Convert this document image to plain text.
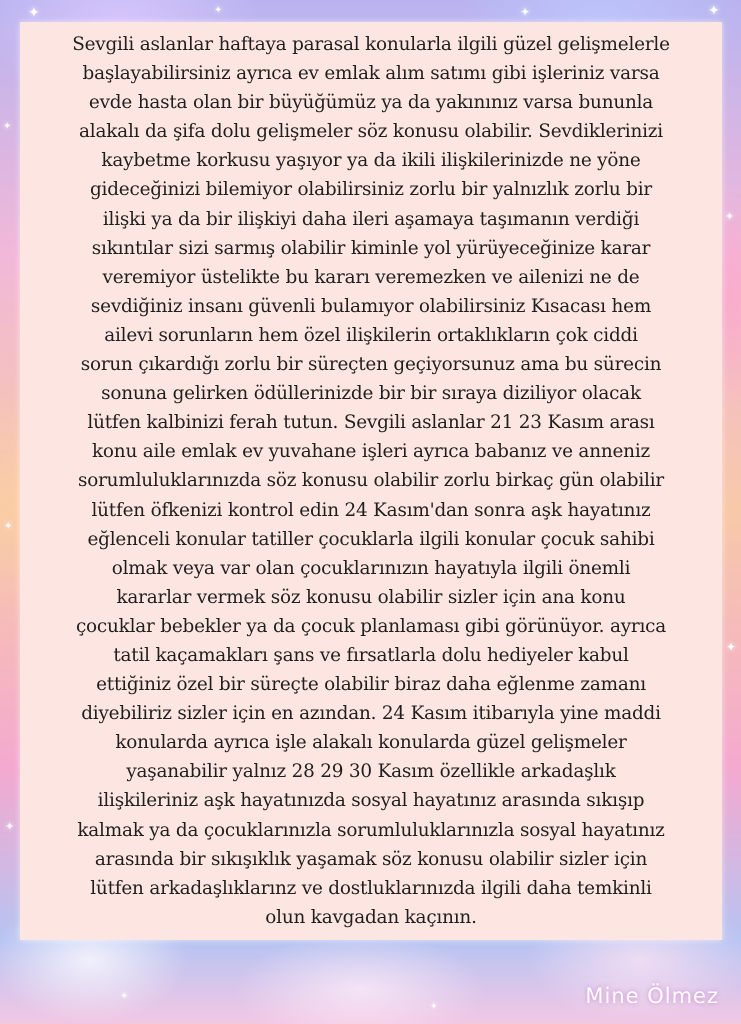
✦	✦	✦	✦
✦
✦
✦
✦
✦
✦
✦

Sevgili aslanlar haftaya parasal konularla ilgili güzel gelişmelerle
başlayabilirsiniz ayrıca ev emlak alım satımı gibi işleriniz varsa
evde hasta olan bir büyüğümüz ya da yakınınız varsa bununla
alakalı da şifa dolu gelişmeler söz konusu olabilir. Sevdiklerinizi
kaybetme korkusu yaşıyor ya da ikili ilişkilerinizde ne yöne
gideceğinizi bilemiyor olabilirsiniz zorlu bir yalnızlık zorlu bir
ilişki ya da bir ilişkiyi daha ileri aşamaya taşımanın verdiği
sıkıntılar sizi sarmış olabilir kiminle yol yürüyeceğinize karar
veremiyor üstelikte bu kararı veremezken ve ailenizi ne de
sevdiğiniz insanı güvenli bulamıyor olabilirsiniz Kısacası hem
ailevi sorunların hem özel ilişkilerin ortaklıkların çok ciddi
sorun çıkardığı zorlu bir süreçten geçiyorsunuz ama bu sürecin
sonuna gelirken ödüllerinizde bir bir sıraya diziliyor olacak
lütfen kalbinizi ferah tutun. Sevgili aslanlar 21 23 Kasım arası
konu aile emlak ev yuvahane işleri ayrıca babanız ve anneniz
sorumluluklarınızda söz konusu olabilir zorlu birkaç gün olabilir
lütfen öfkenizi kontrol edin 24 Kasım'dan sonra aşk hayatınız
eğlenceli konular tatiller çocuklarla ilgili konular çocuk sahibi
olmak veya var olan çocuklarınızın hayatıyla ilgili önemli
kararlar vermek söz konusu olabilir sizler için ana konu
çocuklar bebekler ya da çocuk planlaması gibi görünüyor. ayrıca
tatil kaçamakları şans ve fırsatlarla dolu hediyeler kabul
ettiğiniz özel bir süreçte olabilir biraz daha eğlenme zamanı
diyebiliriz sizler için en azından. 24 Kasım itibarıyla yine maddi
konularda ayrıca işle alakalı konularda güzel gelişmeler
yaşanabilir yalnız 28 29 30 Kasım özellikle arkadaşlık
ilişkileriniz aşk hayatınızda sosyal hayatınız arasında sıkışıp
kalmak ya da çocuklarınızla sorumluluklarınızla sosyal hayatınız
arasında bir sıkışıklık yaşamak söz konusu olabilir sizler için
lütfen arkadaşlıklarınz ve dostluklarınızda ilgili daha temkinli
olun kavgadan kaçının.

Mine Ölmez
